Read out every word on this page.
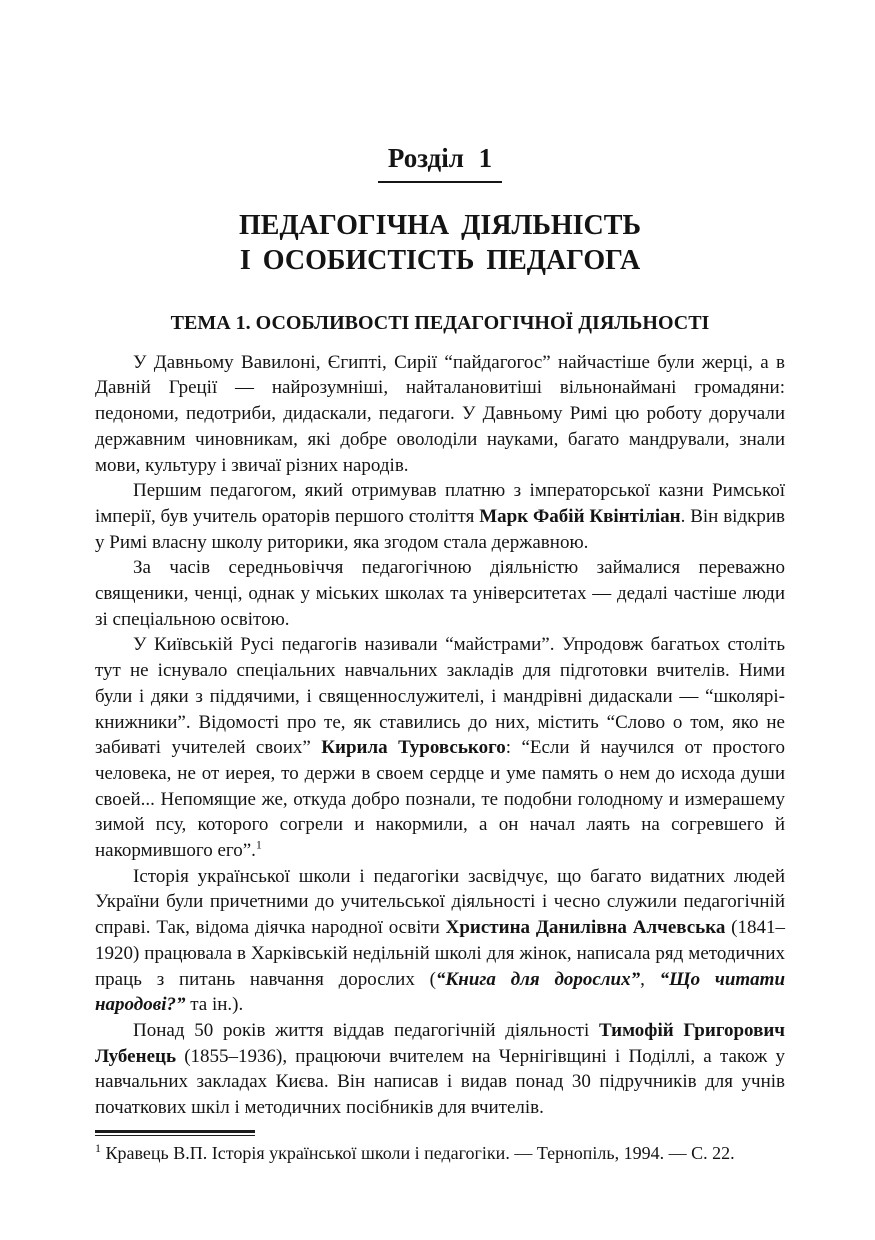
Розділ 1
ПЕДАГОГІЧНА ДІЯЛЬНІСТЬ
І ОСОБИСТІСТЬ ПЕДАГОГА
ТЕМА 1. ОСОБЛИВОСТІ ПЕДАГОГІЧНОЇ ДІЯЛЬНОСТІ

У Давньому Вавилоні, Єгипті, Сирії “пайдагогос” найчастіше були жерці, а в Давній Греції — найрозумніші, найталановитіші вільнонаймані громадяни: педономи, педотриби, дидаскали, педагоги. У Давньому Римі цю роботу доручали державним чиновникам, які добре оволоділи науками, багато мандрували, знали мови, культуру і звичаї різних народів.

Першим педагогом, який отримував платню з імператорської казни Римської імперії, був учитель ораторів першого століття Марк Фабій Квінтіліан. Він відкрив у Римі власну школу риторики, яка згодом стала державною.

За часів середньовіччя педагогічною діяльністю займалися переважно священики, ченці, однак у міських школах та університетах — дедалі частіше люди зі спеціальною освітою.

У Київській Русі педагогів називали “майстрами”. Упродовж багатьох століть тут не існувало спеціальних навчальних закладів для підготовки вчителів. Ними були і дяки з піддячими, і священнослужителі, і мандрівні дидаскали — “школярі-книжники”. Відомості про те, як ставились до них, містить “Слово о том, яко не забиваті учителей своих” Кирила Туровського: “Если й научился от простого человека, не от иерея, то держи в своем сердце и уме память о нем до исхода души своей... Непомящие же, откуда добро познали, те подобни голодному и измерашему зимой псу, которого согрели и накормили, а он начал лаять на согревшего й накормившого его”.$^1$

Історія української школи і педагогіки засвідчує, що багато видатних людей України були причетними до учительської діяльності і чесно служили педагогічній справі. Так, відома діячка народної освіти Христина Данилівна Алчевська (1841–1920) працювала в Харківській недільній школі для жінок, написала ряд методичних праць з питань навчання дорослих (“Книга для дорослих”, “Що читати народові?” та ін.).

Понад 50 років життя віддав педагогічній діяльності Тимофій Григорович Лубенець (1855–1936), працюючи вчителем на Чернігівщині і Поділлі, а також у навчальних закладах Києва. Він написав і видав понад 30 підручників для учнів початкових шкіл і методичних посібників для вчителів.

$^1$ Кравець В.П. Історія української школи і педагогіки. — Тернопіль, 1994. — С. 22.
